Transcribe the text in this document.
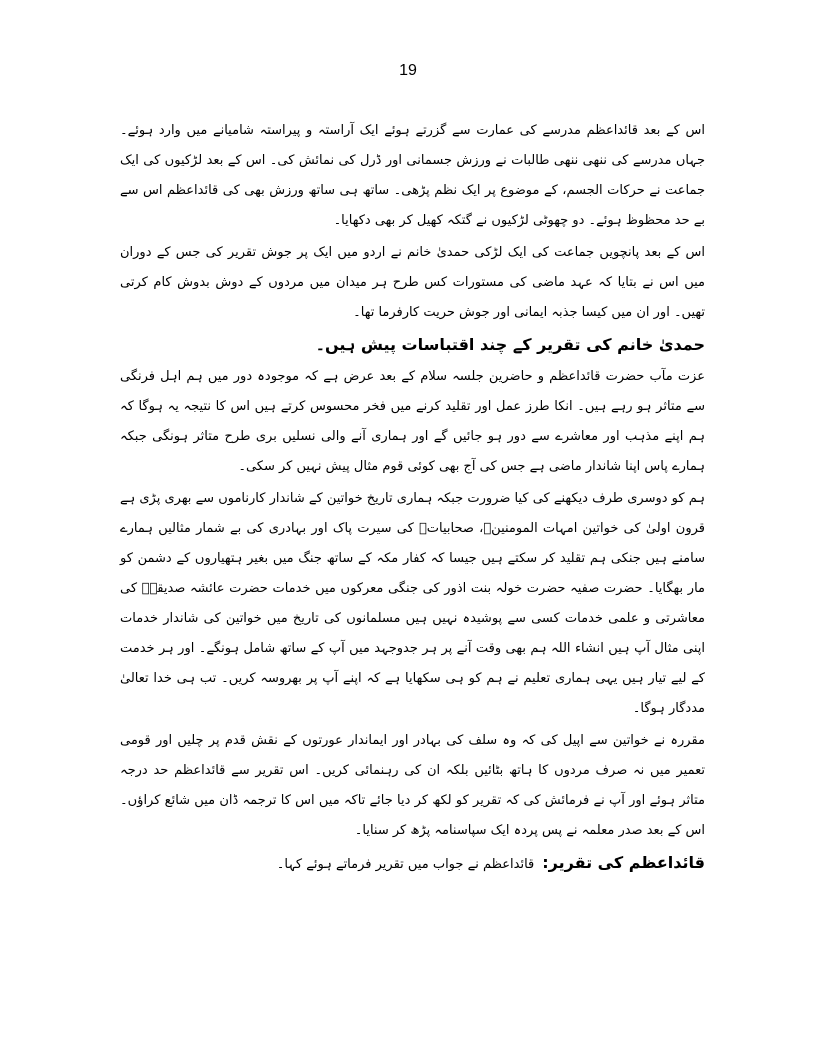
19

اس کے بعد قائداعظم مدرسے کی عمارت سے گزرتے ہوئے ایک آراستہ و پیراستہ شامیانے میں وارد ہوئے۔ جہاں مدرسے کی ننھی ننھی طالبات نے ورزش جسمانی اور ڈرل کی نمائش کی۔ اس کے بعد لڑکیوں کی ایک جماعت نے حرکات الجسم، کے موضوع پر ایک نظم پڑھی۔ ساتھ ہی ساتھ ورزش بھی کی قائداعظم اس سے بے حد محظوظ ہوئے۔ دو چھوٹی لڑکیوں نے گتکہ کھیل کر بھی دکھایا۔

اس کے بعد پانچویں جماعت کی ایک لڑکی حمدیٰ خانم نے اردو میں ایک پر جوش تقریر کی جس کے دوران میں اس نے بتایا کہ عہد ماضی کی مستورات کس طرح ہر میدان میں مردوں کے دوش بدوش کام کرتی تھیں۔ اور ان میں کیسا جذبہ ایمانی اور جوش حریت کارفرما تھا۔

حمدیٰ خانم کی تقریر کے چند اقتباسات پیش ہیں۔

عزت مآب حضرت قائداعظم و حاضرین جلسہ سلام کے بعد عرض ہے کہ موجودہ دور میں ہم اہل فرنگی سے متاثر ہو رہے ہیں۔ انکا طرز عمل اور تقلید کرنے میں فخر محسوس کرتے ہیں اس کا نتیجہ یہ ہوگا کہ ہم اپنے مذہب اور معاشرے سے دور ہو جائیں گے اور ہماری آنے والی نسلیں بری طرح متاثر ہونگی جبکہ ہمارے پاس اپنا شاندار ماضی ہے جس کی آج بھی کوئی قوم مثال پیش نہیں کر سکی۔

ہم کو دوسری طرف دیکھنے کی کیا ضرورت جبکہ ہماری تاریخ خواتین کے شاندار کارناموں سے بھری پڑی ہے قرون اولیٰ کی خواتین امہات المومنینؓ، صحابیاتؓ کی سیرت پاک اور بہادری کی بے شمار مثالیں ہمارے سامنے ہیں جنکی ہم تقلید کر سکتے ہیں جیسا کہ کفار مکہ کے ساتھ جنگ میں بغیر ہتھیاروں کے دشمن کو مار بھگایا۔ حضرت صفیہ حضرت خولہ بنت اذور کی جنگی معرکوں میں خدمات حضرت عائشہ صدیقہؓ کی معاشرتی و علمی خدمات کسی سے پوشیدہ نہیں ہیں مسلمانوں کی تاریخ میں خواتین کی شاندار خدمات اپنی مثال آپ ہیں انشاء اللہ ہم بھی وقت آنے پر ہر جدوجہد میں آپ کے ساتھ شامل ہونگے۔ اور ہر خدمت کے لیے تیار ہیں یہی ہماری تعلیم نے ہم کو ہی سکھایا ہے کہ اپنے آپ پر بھروسہ کریں۔ تب ہی خدا تعالیٰ مددگار ہوگا۔

مقررہ نے خواتین سے اپیل کی کہ وہ سلف کی بہادر اور ایماندار عورتوں کے نقش قدم پر چلیں اور قومی تعمیر میں نہ صرف مردوں کا ہاتھ بٹائیں بلکہ ان کی رہنمائی کریں۔ اس تقریر سے قائداعظم حد درجہ متاثر ہوئے اور آپ نے فرمائش کی کہ تقریر کو لکھ کر دیا جائے تاکہ میں اس کا ترجمہ ڈان میں شائع کراؤں۔ اس کے بعد صدر معلمہ نے پس پردہ ایک سپاسنامہ پڑھ کر سنایا۔

قائداعظم کی تقریر:قائداعظم نے جواب میں تقریر فرماتے ہوئے کہا۔
